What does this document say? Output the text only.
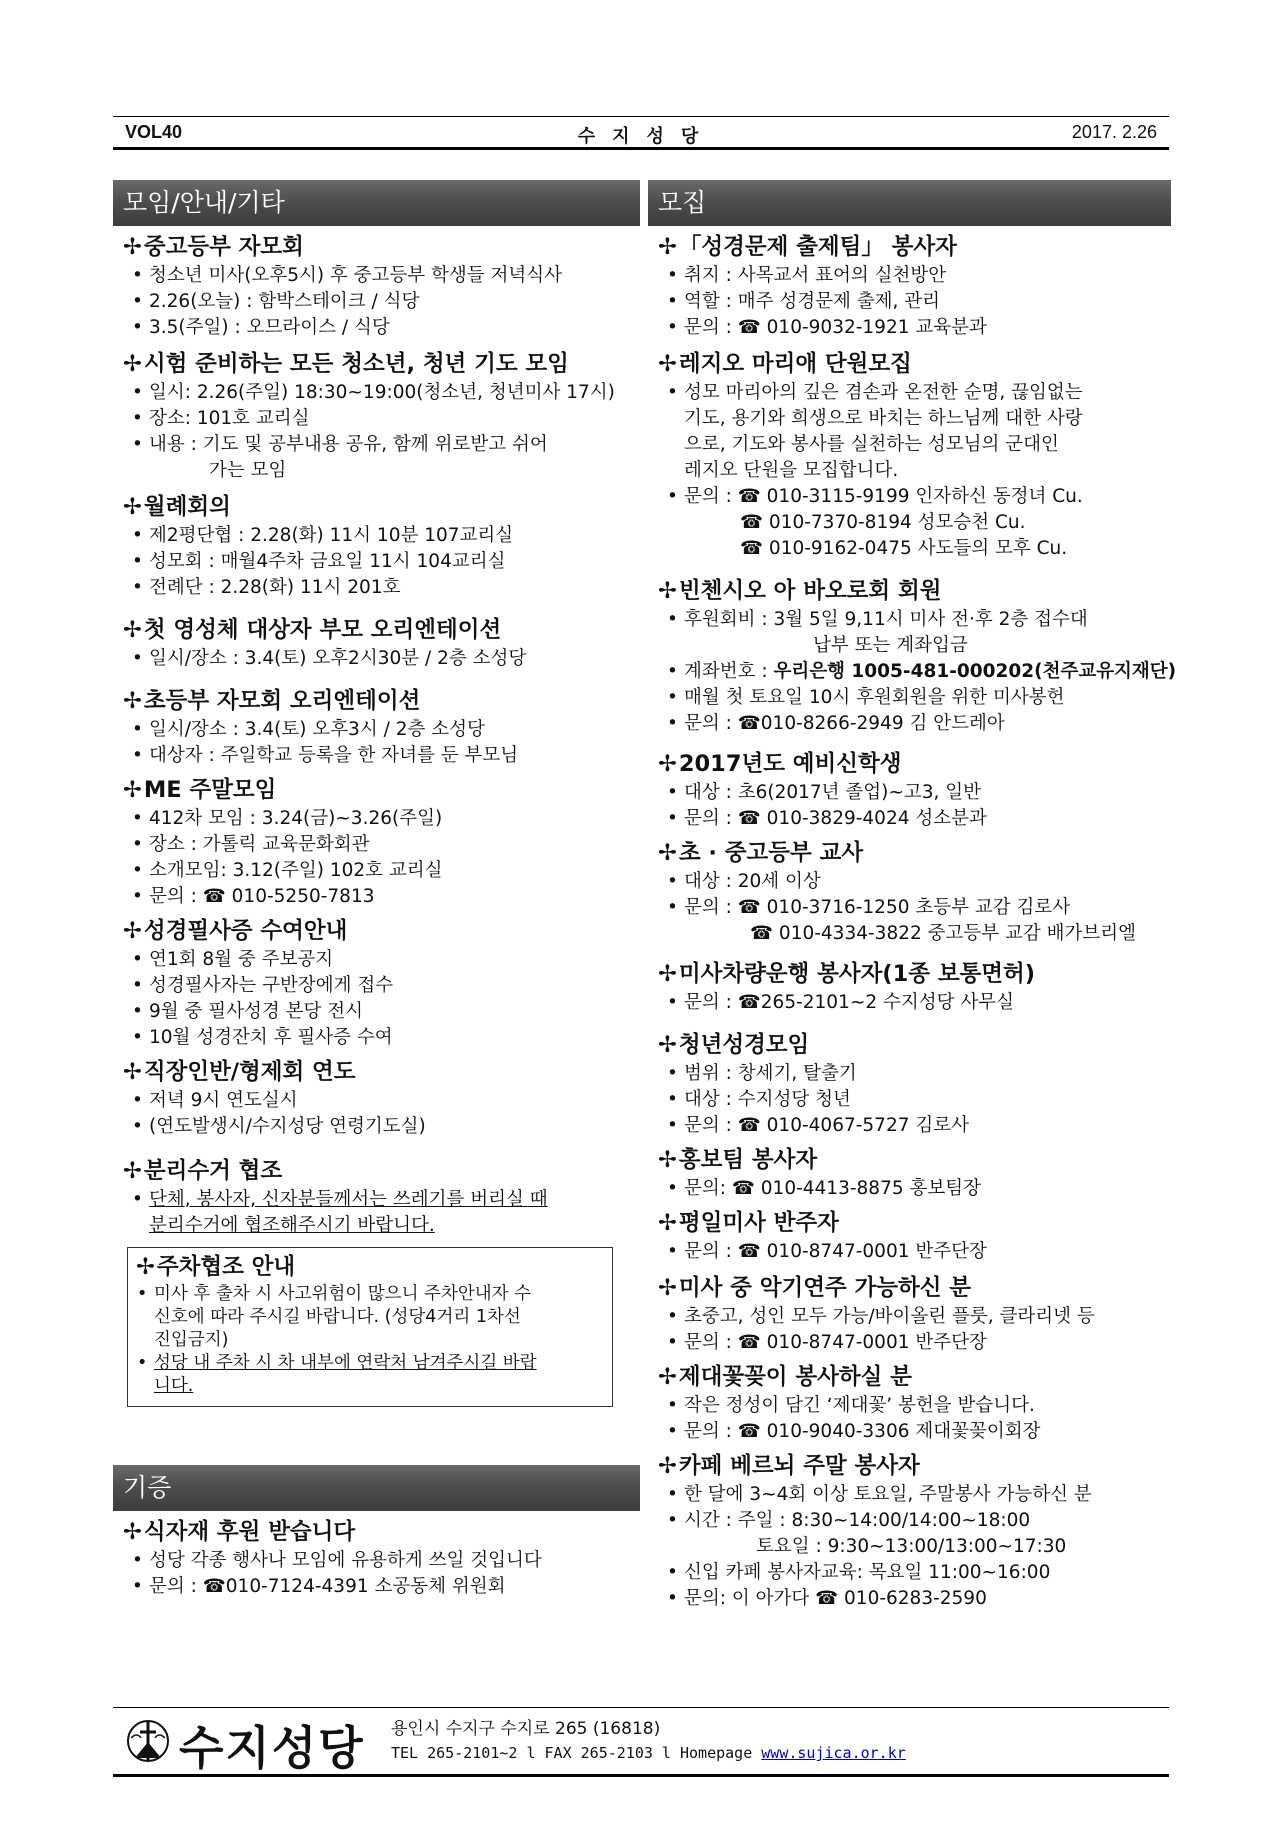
VOL40	수 지 성 당	2017. 2.26
모임/안내/기타
✢중고등부 자모회
• 청소년 미사(오후5시) 후 중고등부 학생들 저녁식사
• 2.26(오늘) : 함박스테이크 / 식당
• 3.5(주일) : 오므라이스 / 식당
✢시험 준비하는 모든 청소년, 청년 기도 모임
• 일시: 2.26(주일) 18:30~19:00(청소년, 청년미사 17시)
• 장소: 101호 교리실
• 내용 : 기도 및 공부내용 공유, 함께 위로받고 쉬어
가는 모임
✢월례회의
• 제2평단협 : 2.28(화) 11시 10분 107교리실
• 성모회 : 매월4주차 금요일 11시 104교리실
• 전례단 : 2.28(화) 11시 201호
✢첫 영성체 대상자 부모 오리엔테이션
• 일시/장소 : 3.4(토) 오후2시30분 / 2층 소성당
✢초등부 자모회 오리엔테이션
• 일시/장소 : 3.4(토) 오후3시 / 2층 소성당
• 대상자 : 주일학교 등록을 한 자녀를 둔 부모님
✢ME 주말모임
• 412차 모임 : 3.24(금)~3.26(주일)
• 장소 : 가톨릭 교육문화회관
• 소개모임: 3.12(주일) 102호 교리실
• 문의 : ☎ 010-5250-7813
✢성경필사증 수여안내
• 연1회 8월 중 주보공지
• 성경필사자는 구반장에게 접수
• 9월 중 필사성경 본당 전시
• 10월 성경잔치 후 필사증 수여
✢직장인반/형제회 연도
• 저녁 9시 연도실시
• (연도발생시/수지성당 연령기도실)
✢분리수거 협조
• 단체, 봉사자, 신자분들께서는 쓰레기를 버리실 때
분리수거에 협조해주시기 바랍니다.
✢주차협조 안내
• 미사 후 출차 시 사고위험이 많으니 주차안내자 수
신호에 따라 주시길 바랍니다. (성당4거리 1차선
진입금지)
• 성당 내 주차 시 차 내부에 연락처 남겨주시길 바랍
니다.
기증
✢식자재 후원 받습니다
• 성당 각종 행사나 모임에 유용하게 쓰일 것입니다
• 문의 : ☎010-7124-4391 소공동체 위원회
모집
✢「성경문제 출제팀」 봉사자
• 취지 : 사목교서 표어의 실천방안
• 역할 : 매주 성경문제 출제, 관리
• 문의 : ☎ 010-9032-1921 교육분과
✢레지오 마리애 단원모집
• 성모 마리아의 깊은 겸손과 온전한 순명, 끊임없는
기도, 용기와 희생으로 바치는 하느님께 대한 사랑
으로, 기도와 봉사를 실천하는 성모님의 군대인
레지오 단원을 모집합니다.
• 문의 : ☎ 010-3115-9199 인자하신 동정녀 Cu.
☎ 010-7370-8194 성모승천 Cu.
☎ 010-9162-0475 사도들의 모후 Cu.
✢빈첸시오 아 바오로회 회원
• 후원회비 : 3월 5일 9,11시 미사 전·후 2층 접수대
납부 또는 계좌입금
• 계좌번호 : 우리은행 1005-481-000202(천주교유지재단)
• 매월 첫 토요일 10시 후원회원을 위한 미사봉헌
• 문의 : ☎010-8266-2949 김 안드레아
✢2017년도 예비신학생
• 대상 : 초6(2017년 졸업)~고3, 일반
• 문의 : ☎ 010-3829-4024 성소분과
✢초 · 중고등부 교사
• 대상 : 20세 이상
• 문의 : ☎ 010-3716-1250 초등부 교감 김로사
☎ 010-4334-3822 중고등부 교감 배가브리엘
✢미사차량운행 봉사자(1종 보통면허)
• 문의 : ☎265-2101~2 수지성당 사무실
✢청년성경모임
• 범위 : 창세기, 탈출기
• 대상 : 수지성당 청년
• 문의 : ☎ 010-4067-5727 김로사
✢홍보팀 봉사자
• 문의: ☎ 010-4413-8875 홍보팀장
✢평일미사 반주자
• 문의 : ☎ 010-8747-0001 반주단장
✢미사 중 악기연주 가능하신 분
• 초중고, 성인 모두 가능/바이올린 플룻, 클라리넷 등
• 문의 : ☎ 010-8747-0001 반주단장
✢제대꽃꽂이 봉사하실 분
• 작은 정성이 담긴 ‘제대꽃’ 봉헌을 받습니다.
• 문의 : ☎ 010-9040-3306 제대꽃꽂이회장
✢카페 베르뇌 주말 봉사자
• 한 달에 3~4회 이상 토요일, 주말봉사 가능하신 분
• 시간 : 주일 : 8:30~14:00/14:00~18:00
토요일 : 9:30~13:00/13:00~17:30
• 신입 카페 봉사자교육: 목요일 11:00~16:00
• 문의: 이 아가다 ☎ 010-6283-2590
수지성당 용인시 수지구 수지로 265 (16818)
TEL 265-2101~2 l FAX 265-2103 l Homepage www.sujica.or.kr
